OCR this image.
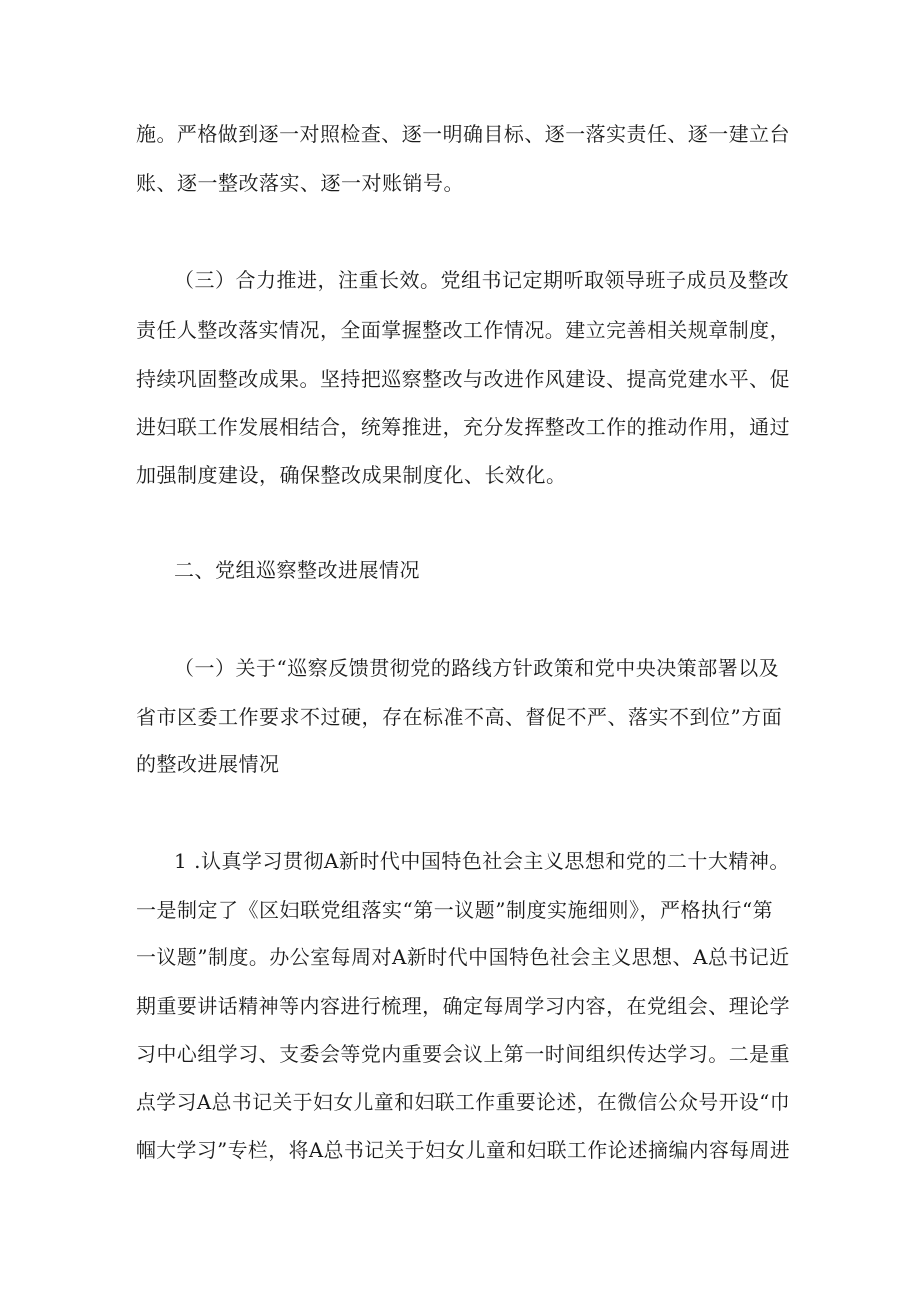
施。严格做到逐一对照检查、逐一明确目标、逐一落实责任、逐一建立台
账、逐一整改落实、逐一对账销号。
（三）合力推进，注重长效。党组书记定期听取领导班子成员及整改
责任人整改落实情况，全面掌握整改工作情况。建立完善相关规章制度，
持续巩固整改成果。坚持把巡察整改与改进作风建设、提高党建水平、促
进妇联工作发展相结合，统筹推进，充分发挥整改工作的推动作用，通过
加强制度建设，确保整改成果制度化、长效化。
二、党组巡察整改进展情况
（一）关于“巡察反馈贯彻党的路线方针政策和党中央决策部署以及
省市区委工作要求不过硬，存在标准不高、督促不严、落实不到位”方面
的整改进展情况
1 .认真学习贯彻A新时代中国特色社会主义思想和党的二十大精神。
一是制定了《区妇联党组落实“第一议题”制度实施细则》，严格执行“第
一议题”制度。办公室每周对A新时代中国特色社会主义思想、A总书记近
期重要讲话精神等内容进行梳理，确定每周学习内容，在党组会、理论学
习中心组学习、支委会等党内重要会议上第一时间组织传达学习。二是重
点学习A总书记关于妇女儿童和妇联工作重要论述，在微信公众号开设“巾
帼大学习”专栏，将A总书记关于妇女儿童和妇联工作论述摘编内容每周进
